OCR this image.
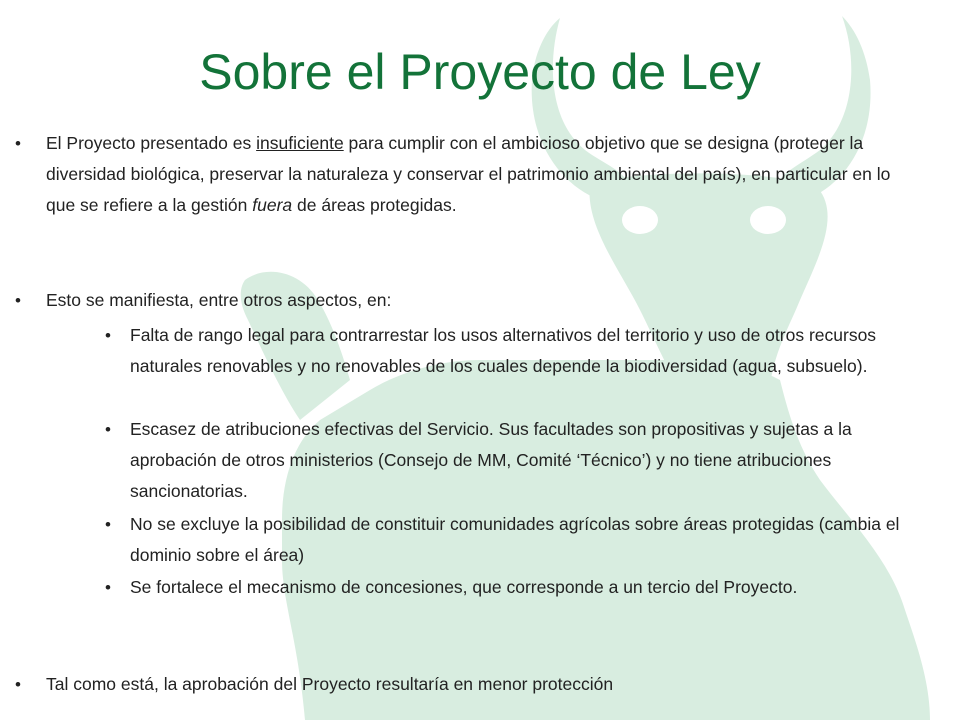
Sobre el Proyecto de Ley
• El Proyecto presentado es insuficiente para cumplir con el ambicioso objetivo que se designa (proteger la diversidad biológica, preservar la naturaleza y conservar el patrimonio ambiental del país), en particular en lo que se refiere a la gestión fuera de áreas protegidas.
• Esto se manifiesta, entre otros aspectos, en:
• Falta de rango legal para contrarrestar los usos alternativos del territorio y uso de otros recursos naturales renovables y no renovables de los cuales depende la biodiversidad (agua, subsuelo).
• Escasez de atribuciones efectivas del Servicio. Sus facultades son propositivas y sujetas a la aprobación de otros ministerios (Consejo de MM, Comité ‘Técnico’) y no tiene atribuciones sancionatorias.
• No se excluye la posibilidad de constituir comunidades agrícolas sobre áreas protegidas (cambia el dominio sobre el área)
• Se fortalece el mecanismo de concesiones, que corresponde a un tercio del Proyecto.
• Tal como está, la aprobación del Proyecto resultaría en menor protección
